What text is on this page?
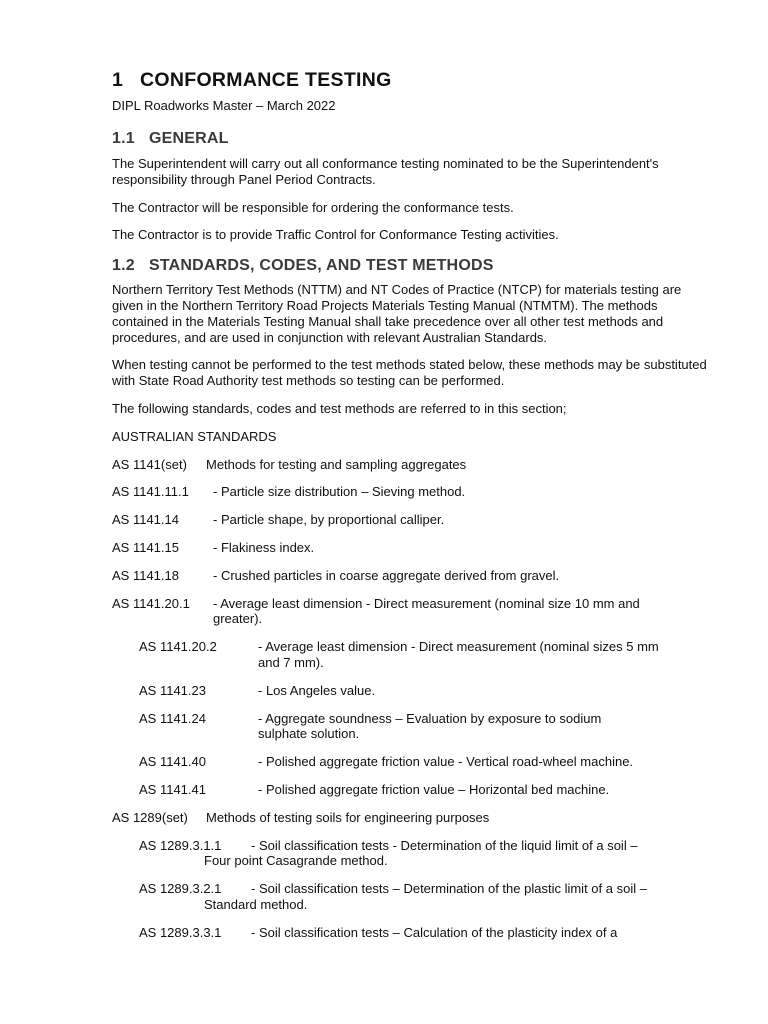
1 CONFORMANCE TESTING
DIPL Roadworks Master – March 2022
1.1 GENERAL
The Superintendent will carry out all conformance testing nominated to be the Superintendent's responsibility through Panel Period Contracts.
The Contractor will be responsible for ordering the conformance tests.
The Contractor is to provide Traffic Control for Conformance Testing activities.
1.2 STANDARDS, CODES, AND TEST METHODS
Northern Territory Test Methods (NTTM) and NT Codes of Practice (NTCP) for materials testing are given in the Northern Territory Road Projects Materials Testing Manual (NTMTM). The methods contained in the Materials Testing Manual shall take precedence over all other test methods and procedures, and are used in conjunction with relevant Australian Standards.
When testing cannot be performed to the test methods stated below, these methods may be substituted with State Road Authority test methods so testing can be performed.
The following standards, codes and test methods are referred to in this section;
AUSTRALIAN STANDARDS
AS 1141(set)	Methods for testing and sampling aggregates
AS 1141.11.1	- Particle size distribution – Sieving method.
AS 1141.14	- Particle shape, by proportional calliper.
AS 1141.15	- Flakiness index.
AS 1141.18	- Crushed particles in coarse aggregate derived from gravel.
AS 1141.20.1	- Average least dimension - Direct measurement (nominal size 10 mm and greater).
AS 1141.20.2	- Average least dimension - Direct measurement (nominal sizes 5 mm and 7 mm).
AS 1141.23	- Los Angeles value.
AS 1141.24	- Aggregate soundness – Evaluation by exposure to sodium sulphate solution.
AS 1141.40	- Polished aggregate friction value - Vertical road-wheel machine.
AS 1141.41	- Polished aggregate friction value – Horizontal bed machine.
AS 1289(set)	Methods of testing soils for engineering purposes
AS 1289.3.1.1 - Soil classification tests - Determination of the liquid limit of a soil – Four point Casagrande method.
AS 1289.3.2.1 - Soil classification tests – Determination of the plastic limit of a soil – Standard method.
AS 1289.3.3.1 - Soil classification tests – Calculation of the plasticity index of a
